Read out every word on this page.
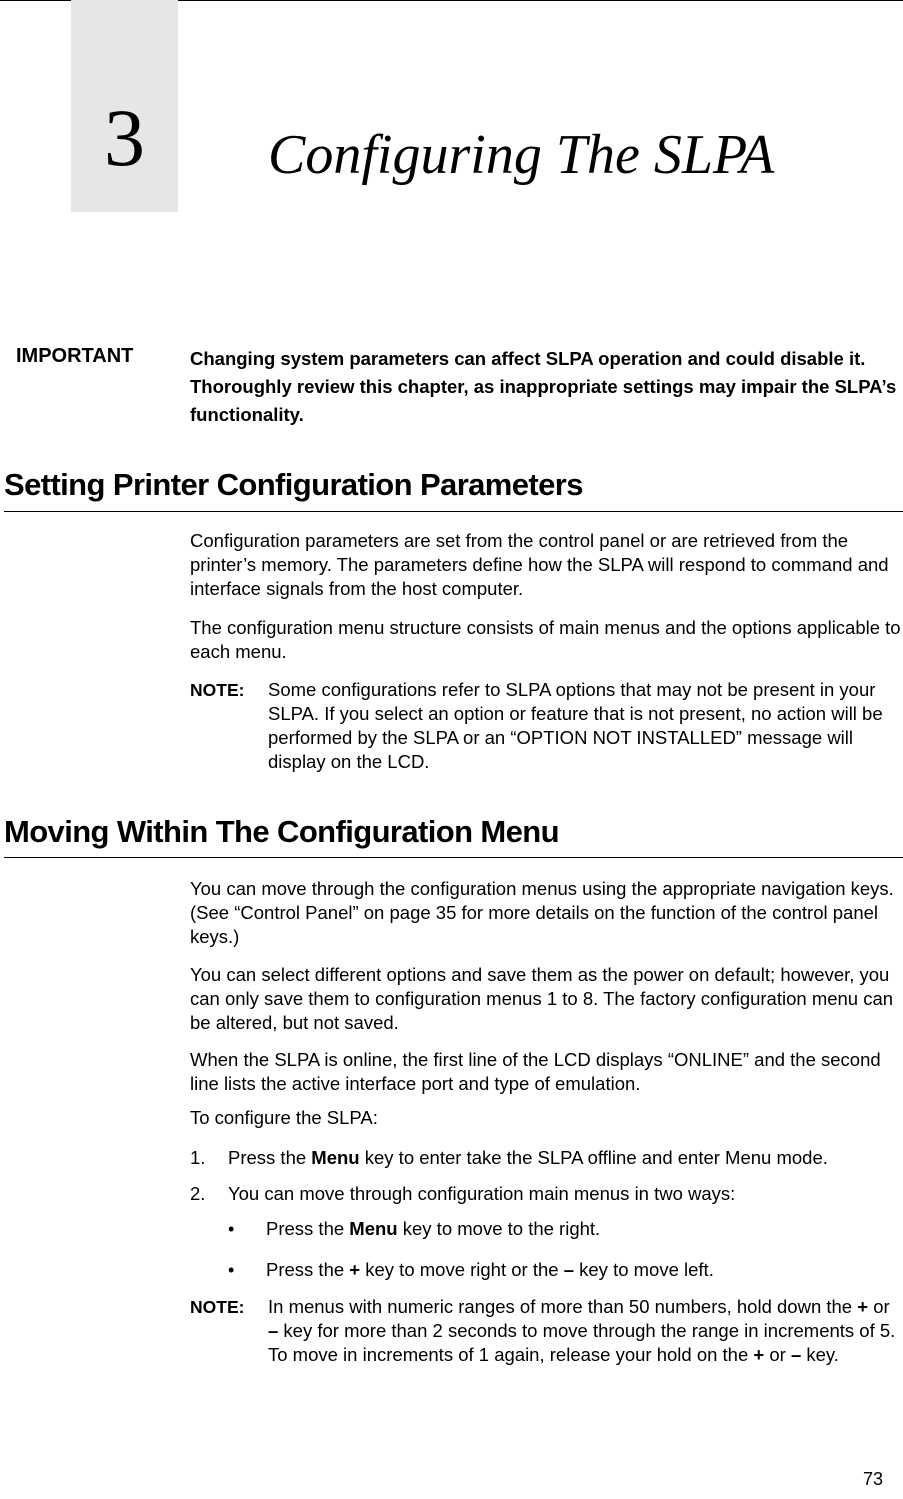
3	Configuring The SLPA
IMPORTANT	Changing system parameters can affect SLPA operation and could disable it. Thoroughly review this chapter, as inappropriate settings may impair the SLPA’s functionality.
Setting Printer Configuration Parameters
Configuration parameters are set from the control panel or are retrieved from the printer’s memory. The parameters define how the SLPA will respond to command and interface signals from the host computer.
The configuration menu structure consists of main menus and the options applicable to each menu.
NOTE: Some configurations refer to SLPA options that may not be present in your SLPA. If you select an option or feature that is not present, no action will be performed by the SLPA or an “OPTION NOT INSTALLED” message will display on the LCD.
Moving Within The Configuration Menu
You can move through the configuration menus using the appropriate navigation keys. (See “Control Panel” on page 35 for more details on the function of the control panel keys.)
You can select different options and save them as the power on default; however, you can only save them to configuration menus 1 to 8. The factory configuration menu can be altered, but not saved.
When the SLPA is online, the first line of the LCD displays “ONLINE” and the second line lists the active interface port and type of emulation.
To configure the SLPA:
1. Press the Menu key to enter take the SLPA offline and enter Menu mode.
2. You can move through configuration main menus in two ways:
• Press the Menu key to move to the right.
• Press the + key to move right or the – key to move left.
NOTE: In menus with numeric ranges of more than 50 numbers, hold down the + or – key for more than 2 seconds to move through the range in increments of 5. To move in increments of 1 again, release your hold on the + or – key.
73
